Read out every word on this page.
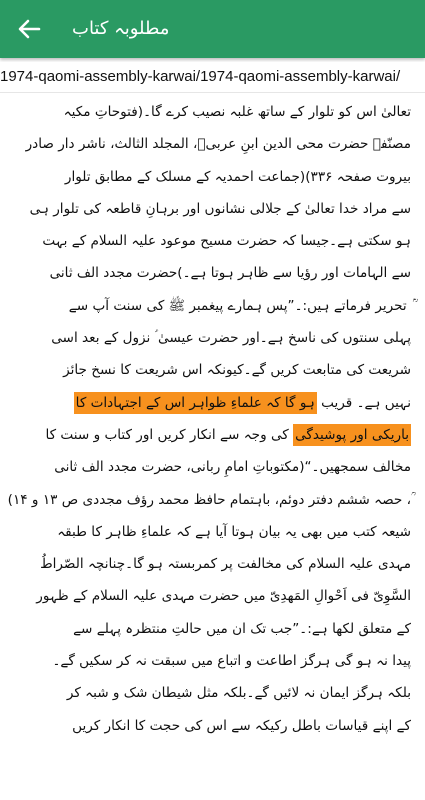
مطلوبہ کتاب
1974-qaomi-assembly-karwai/1974-qaomi-assembly-karwai/
تعالیٰ اس کو تلوار کے ساتھ غلبہ نصیب کرے گا۔(فتوحاتِ مکیہ
مصنّفہ حضرت محی الدین ابنِ عربیؒ، المجلد الثالث، ناشر دار صادر
بیروت صفحہ ۳۳۶)(جماعت احمدیہ کے مسلک کے مطابق تلوار
سے مراد خدا تعالیٰ کے جلالی نشانوں اور برہانِ قاطعہ کی تلوار ہی
ہو سکتی ہے۔جیسا کہ حضرت مسیح موعود علیہ السلام کے بہت
سے الہامات اور رؤیا سے ظاہر ہوتا ہے۔)حضرت مجدد الف ثانی
ؒ تحریر فرماتے ہیں:۔”پس ہمارے پیغمبر ﷺ کی سنت آپ سے
پہلی سنتوں کی ناسخ ہے۔اور حضرت عیسیٰ ؑ نزول کے بعد اسی
شریعت کی متابعت کریں گے۔کیونکہ اس شریعت کا نسخ جائز
نہیں ہے۔ قریب ہو گا کہ علماءِ ظواہر اس کے اجتہادات کا
باریکی اور پوشیدگی کی وجہ سے انکار کریں اور کتاب و سنت کا
مخالف سمجھیں۔“(مکتوباتِ امامِ ربانی، حضرت مجدد الف ثانی
ؒ، حصہ ششم دفتر دوئم، باہتمام حافظ محمد رؤف مجددی ص ۱۳ و ۱۴)
شیعہ کتب میں بھی یہ بیان ہوتا آیا ہے کہ علماءِ ظاہر کا طبقہ
مہدی علیہ السلام کی مخالفت پر کمربستہ ہو گا۔چنانچہ الصّراطُ
السَّوِیّ فی اَحْوالِ المَھدِیّ میں حضرت مہدی علیہ السلام کے ظہور
کے متعلق لکھا ہے:۔”جب تک ان میں حالتِ منتظرہ پہلے سے
پیدا نہ ہو گی ہرگز اطاعت و اتباع میں سبقت نہ کر سکیں گے۔
بلکہ ہرگز ایمان نہ لائیں گے۔بلکہ مثل شیطان شک و شبہ کر
کے اپنے قیاسات باطل رکیکہ سے اس کی حجت کا انکار کریں
